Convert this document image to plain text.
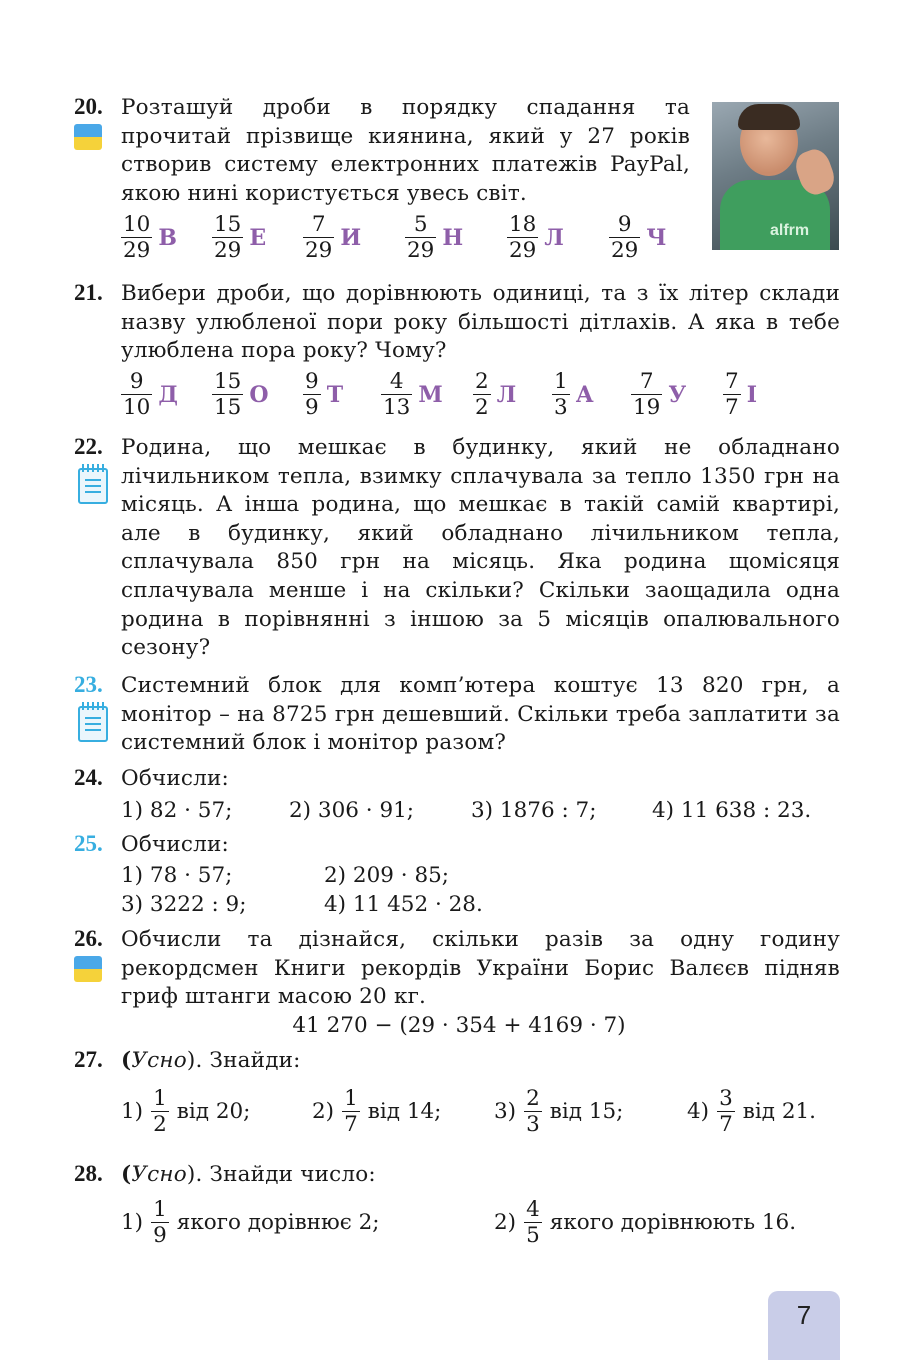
20. Розташуй дроби в порядку спадання та прочитай прізвище киянина, який у 27 років створив систему електронних платежів PayPal, якою нині користується увесь світ.
alfrm
$\frac{10}{29}$ В $\frac{15}{29}$ Е $\frac{7}{29}$ И $\frac{5}{29}$ Н $\frac{18}{29}$ Л $\frac{9}{29}$ Ч
21. Вибери дроби, що дорівнюють одиниці, та з їх літер склади назву улюбленої пори року більшості дітлахів. А яка в тебе улюблена пора року? Чому?
$\frac{9}{10}$ Д $\frac{15}{15}$ О $\frac{9}{9}$ Т $\frac{4}{13}$ М $\frac{2}{2}$ Л $\frac{1}{3}$ А $\frac{7}{19}$ У $\frac{7}{7}$ І
22. Родина, що мешкає в будинку, який не обладнано лічильником тепла, взимку сплачувала за тепло 1350 грн на місяць. А інша родина, що мешкає в такій самій квартирі, але в будинку, який обладнано лічильником тепла, сплачувала 850 грн на місяць. Яка родина щомісяця сплачувала менше і на скільки? Скільки заощадила одна родина в порівнянні з іншою за 5 місяців опалювального сезону?
23. Системний блок для комп’ютера коштує 13 820 грн, а монітор – на 8725 грн дешевший. Скільки треба заплатити за системний блок і монітор разом?
24. Обчисли:
1) 82 · 57;	2) 306 · 91;	3) 1876 : 7;	4) 11 638 : 23.
25. Обчисли:
1) 78 · 57;	2) 209 · 85;
3) 3222 : 9;	4) 11 452 · 28.
26. Обчисли та дізнайся, скільки разів за одну годину рекордсмен Книги рекордів України Борис Валєєв підняв гриф штанги масою 20 кг.
41 270 − (29 · 354 + 4169 · 7)
27. (Усно). Знайди:
$1) \frac{1}{2}$ від 20;	$2) \frac{1}{7}$ від 14; $3) \frac{2}{3}$ від 15;	$4) \frac{3}{7}$ від 21.
28. (Усно). Знайди число:
$1) \frac{1}{9}$ якого дорівнює 2;	$2) \frac{4}{5}$ якого дорівнюють 16.
7
